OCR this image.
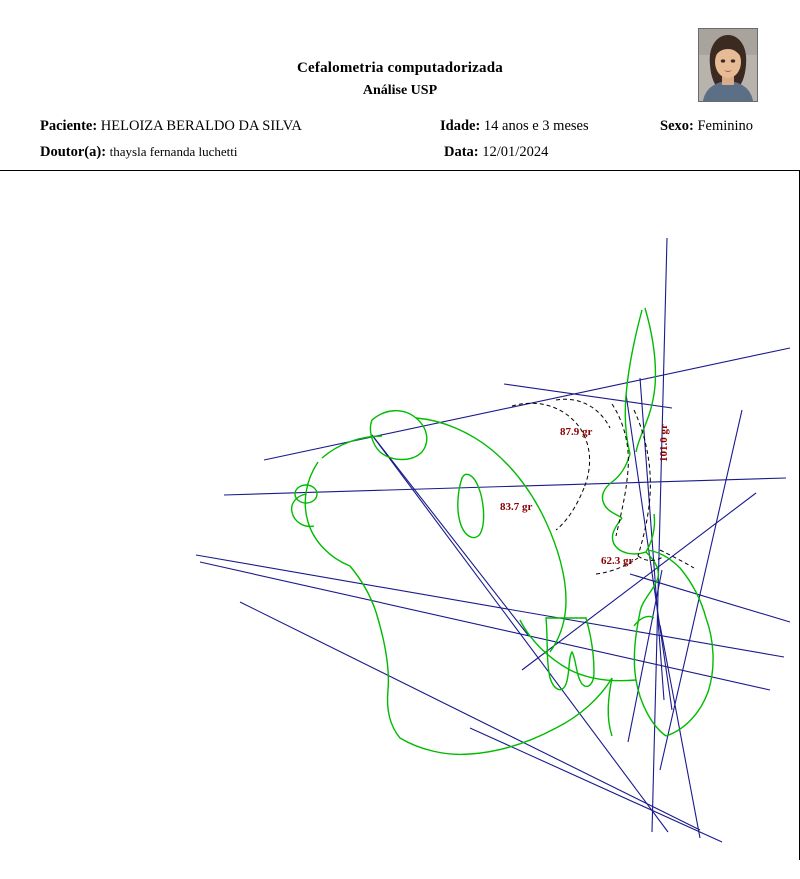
Cefalometria computadorizada
Análise USP
Paciente: HELOIZA BERALDO DA SILVA	Idade: 14 anos e 3 meses	Sexo: Feminino
Doutor(a): thaysla fernanda luchetti	Data: 12/01/2024
87.9 gr
83.7 gr
62.3 gr
101.0 gr
